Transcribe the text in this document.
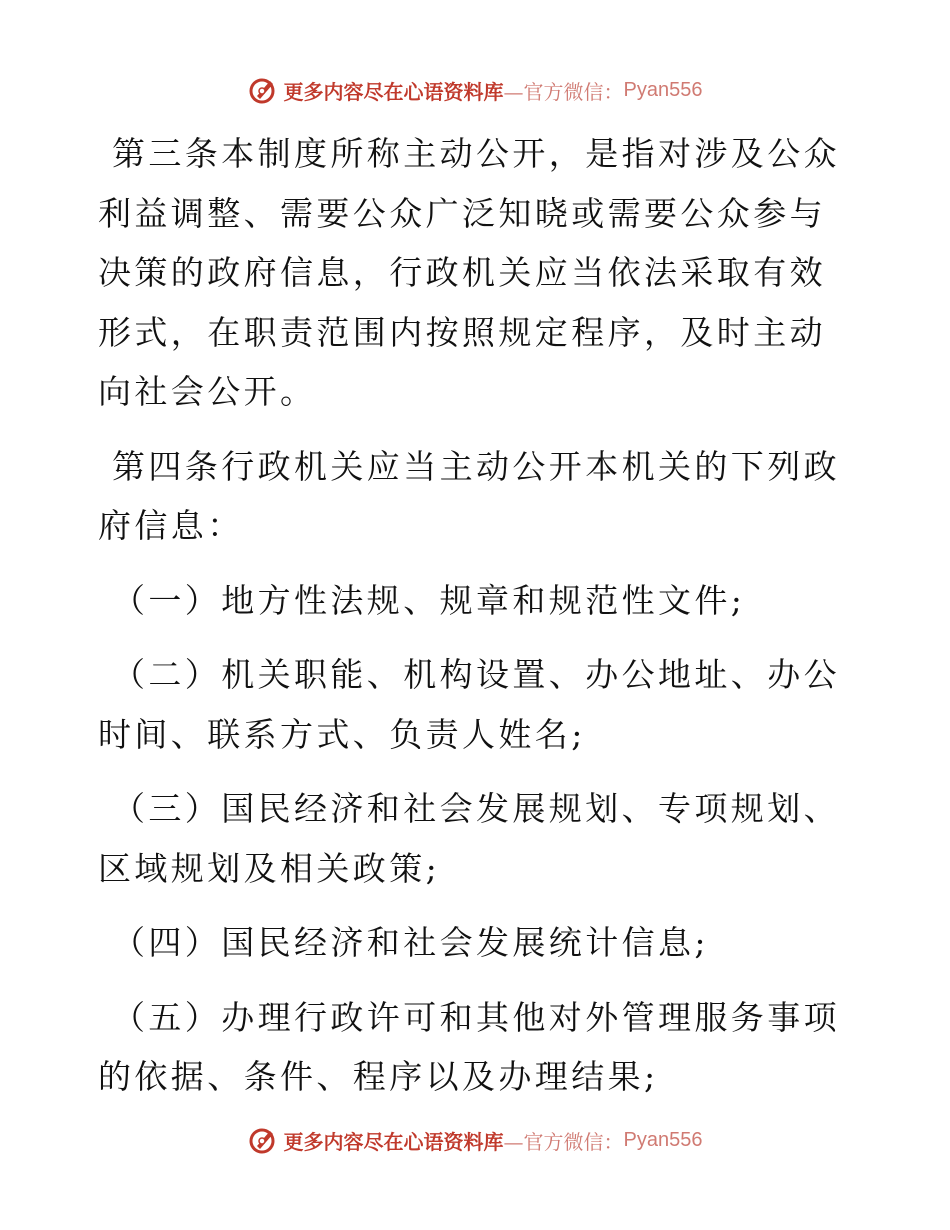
更多内容尽在心语资料库 —官方微信： Pyan556

第三条本制度所称主动公开，是指对涉及公众利益调整、需要公众广泛知晓或需要公众参与决策的政府信息，行政机关应当依法采取有效形式，在职责范围内按照规定程序，及时主动向社会公开。

第四条行政机关应当主动公开本机关的下列政府信息：

（一）地方性法规、规章和规范性文件;

（二）机关职能、机构设置、办公地址、办公时间、联系方式、负责人姓名;

（三）国民经济和社会发展规划、专项规划、区域规划及相关政策;

（四）国民经济和社会发展统计信息;

（五）办理行政许可和其他对外管理服务事项的依据、条件、程序以及办理结果;

更多内容尽在心语资料库 —官方微信： Pyan556
